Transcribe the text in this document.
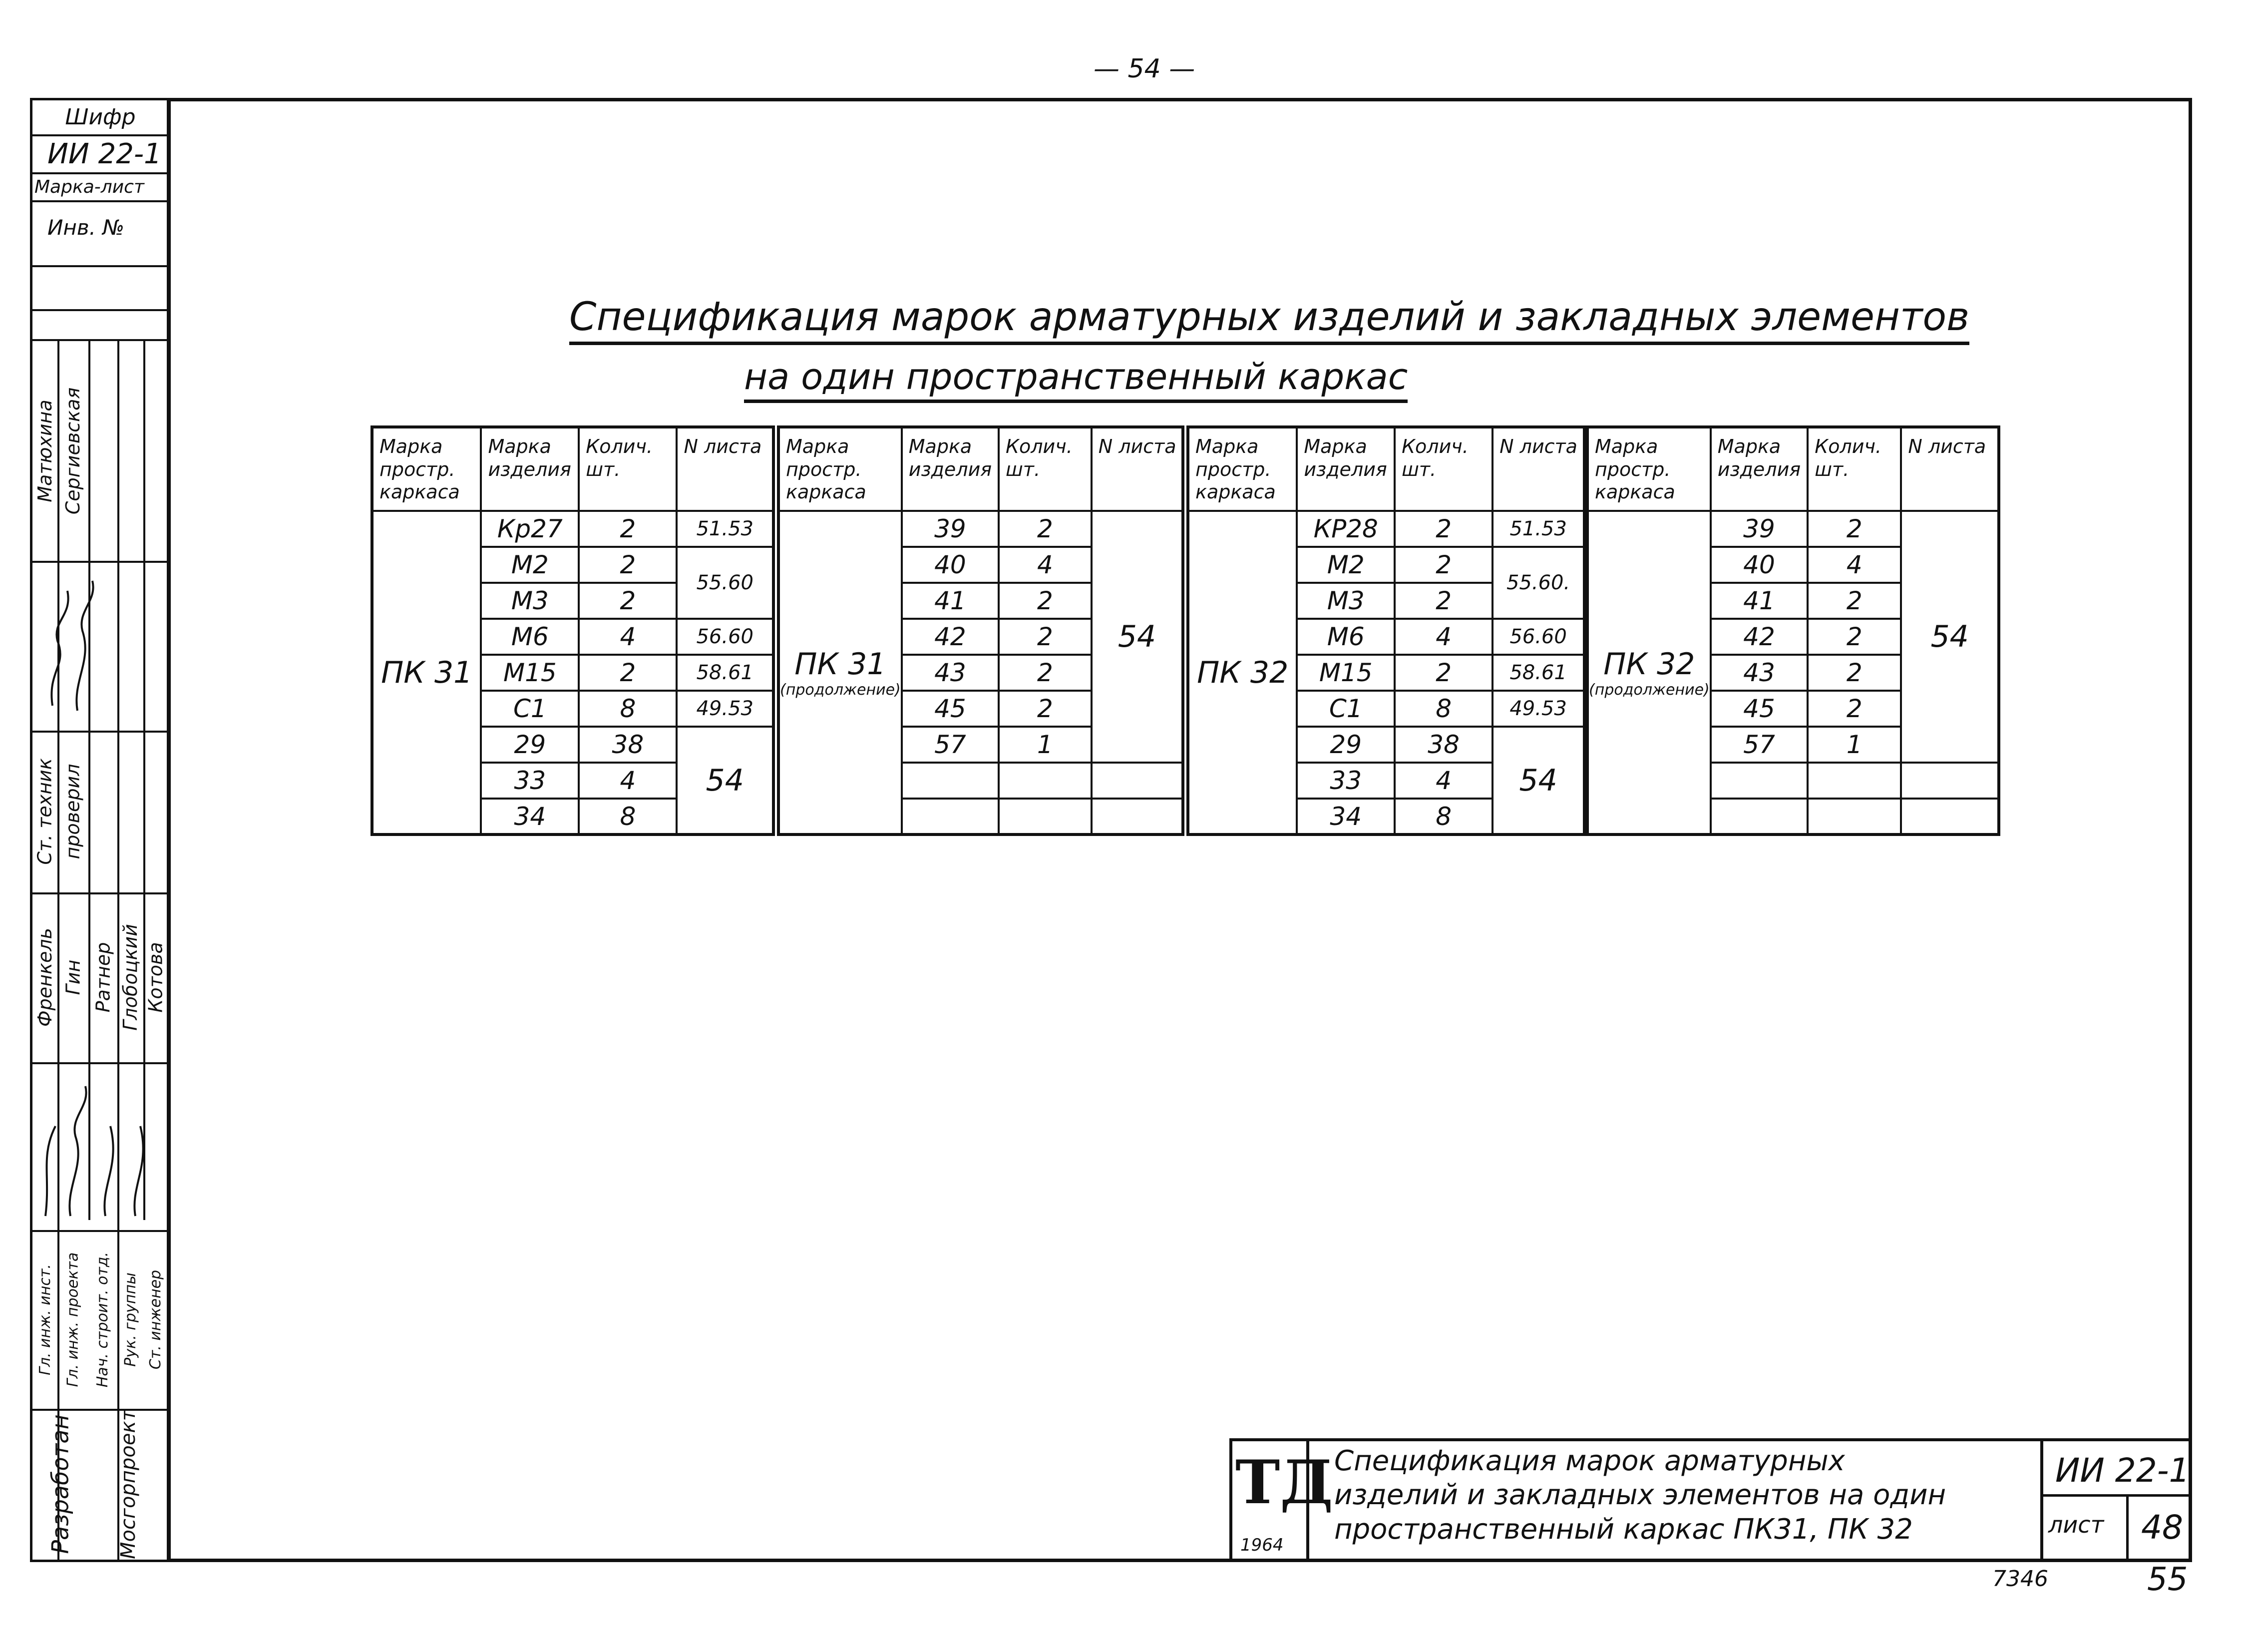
— 54 —
Шифр
ИИ 22-1
Марка-лист
Инв. №
Матюхина Сергиевская
Ст. техник проверил
Френкель Гин Ратнер Глобоцкий Котова
Гл. инж. инст. Гл. инж. проекта Нач. строит. отд. Рук. группы Ст. инженер
Разработан Мосгорпроект
Спецификация марок арматурных изделий и закладных элементов
на один пространственный каркас
Марка простр. каркаса	Марка изделия	Колич. шт.	N листа
ПК 31	Кр27	2	51.53
	М2	2	55.60
	М3	2	
	М6	4	56.60
	М15	2	58.61
	С1	8	49.53
	29	38	54
	33	4	
	34	8	
Марка простр. каркаса	Марка изделия	Колич. шт.	N листа
ПК 31
(продолжение)	39	2	54
	40	4	
	41	2	
	42	2	
	43	2	
	45	2	
	57	1	

Марка простр. каркаса	Марка изделия	Колич. шт.	N листа
ПК 32	КР28	2	51.53
	М2	2	55.60.
	М3	2	
	М6	4	56.60
	М15	2	58.61
	С1	8	49.53
	29	38	54
	33	4	
	34	8	
Марка простр. каркаса	Марка изделия	Колич. шт.	N листа
ПК 32
(продолжение)	39	2	54
	40	4	
	41	2	
	42	2	
	43	2	
	45	2	
	57	1	

ТД
1964
Спецификация марок арматурных
изделий и закладных элементов на один
пространственный каркас ПК31, ПК 32
ИИ 22-1
лист 48
7346	55
